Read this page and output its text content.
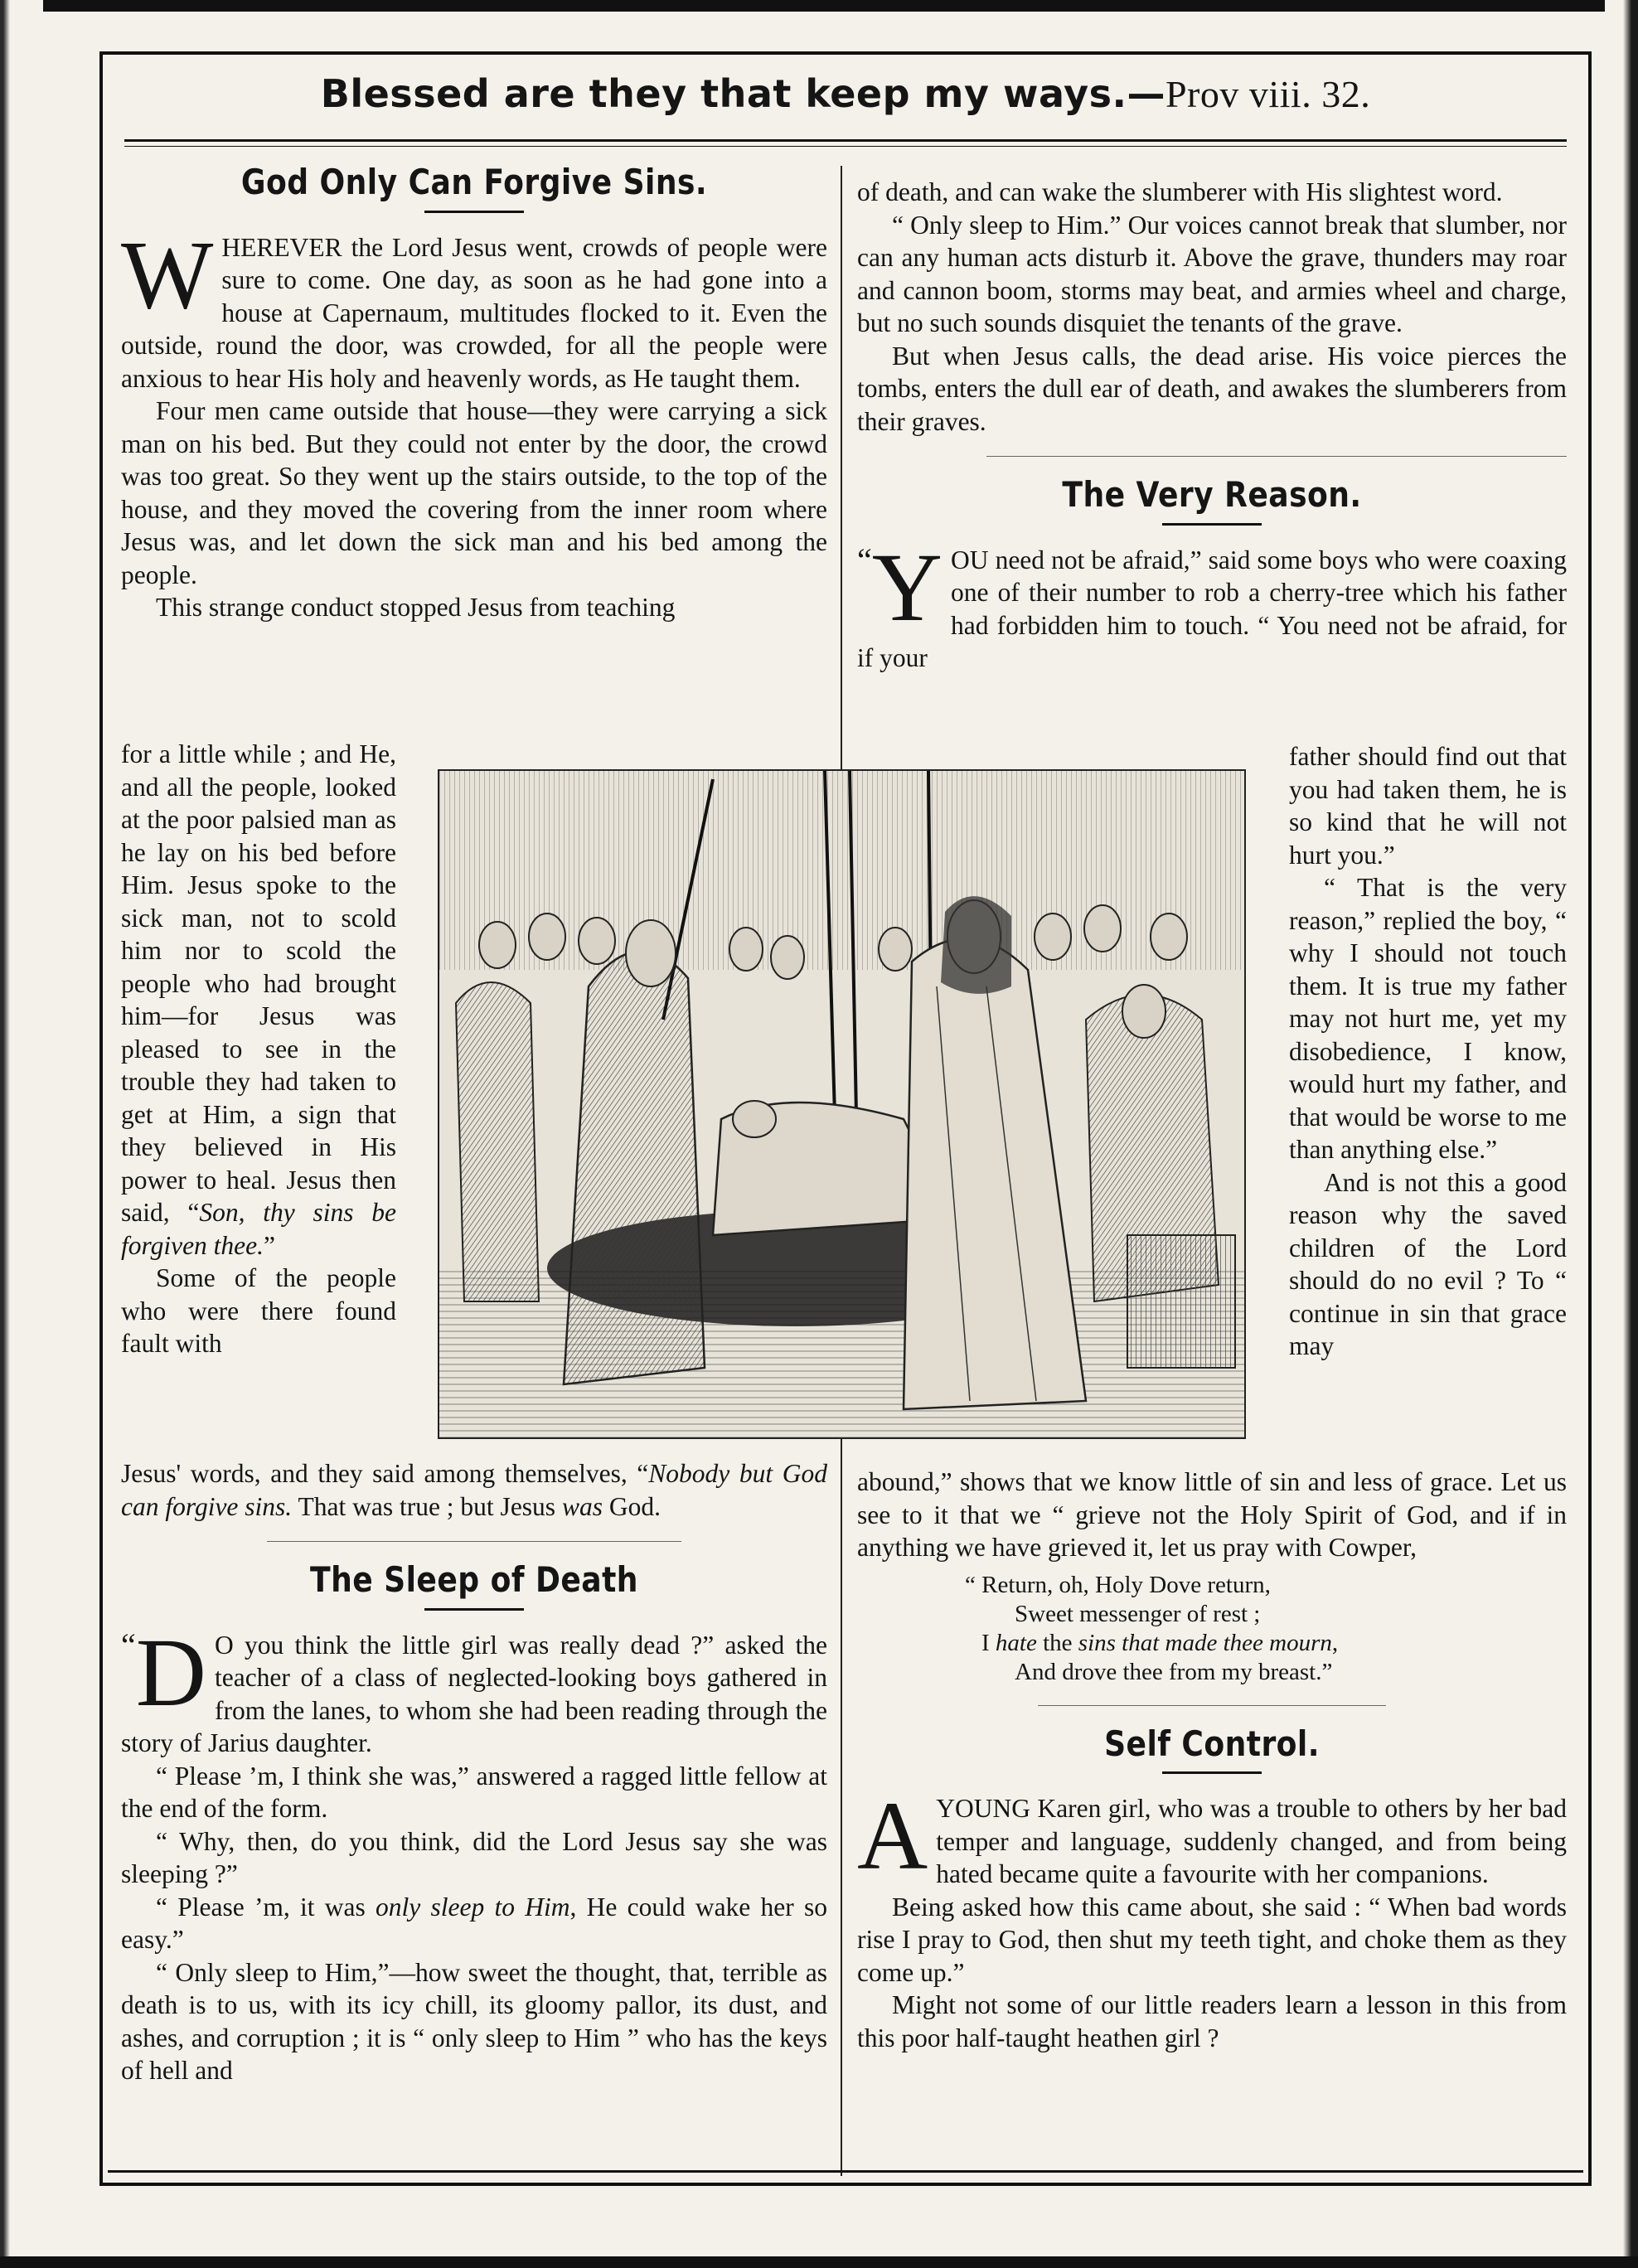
Blessed are they that keep my ways.—Prov viii. 32.
God Only Can Forgive Sins.

WHEREVER the Lord Jesus went, crowds of people were sure to come. One day, as soon as he had gone into a house at Capernaum, multitudes flocked to it. Even the outside, round the door, was crowded, for all the people were anxious to hear His holy and heavenly words, as He taught them.

Four men came outside that house—they were carrying a sick man on his bed. But they could not enter by the door, the crowd was too great. So they went up the stairs outside, to the top of the house, and they moved the covering from the inner room where Jesus was, and let down the sick man and his bed among the people.

This strange conduct stopped Jesus from teaching

for a little while ; and He, and all the people, looked at the poor palsied man as he lay on his bed before Him. Jesus spoke to the sick man, not to scold him nor to scold the people who had brought him—for Jesus was pleased to see in the trouble they had taken to get at Him, a sign that they believed in His power to heal. Jesus then said, “Son, thy sins be forgiven thee.”

Some of the people who were there found fault with

Jesus' words, and they said among themselves, “Nobody but God can forgive sins. That was true ; but Jesus was God.

The Sleep of Death

“ D O you think the little girl was really dead ?” asked the teacher of a class of neglected-looking boys gathered in from the lanes, to whom she had been reading through the story of Jarius daughter.

“ Please ’m, I think she was,” answered a ragged little fellow at the end of the form.

“ Why, then, do you think, did the Lord Jesus say she was sleeping ?”

“ Please ’m, it was only sleep to Him, He could wake her so easy.”

“ Only sleep to Him,”—how sweet the thought, that, terrible as death is to us, with its icy chill, its gloomy pallor, its dust, and ashes, and corruption ; it is “ only sleep to Him ” who has the keys of hell and

of death, and can wake the slumberer with His slightest word.

“ Only sleep to Him.” Our voices cannot break that slumber, nor can any human acts disturb it. Above the grave, thunders may roar and cannon boom, storms may beat, and armies wheel and charge, but no such sounds disquiet the tenants of the grave.

But when Jesus calls, the dead arise. His voice pierces the tombs, enters the dull ear of death, and awakes the slumberers from their graves.

The Very Reason.

“ Y OU need not be afraid,” said some boys who were coaxing one of their number to rob a cherry-tree which his father had forbidden him to touch. “ You need not be afraid, for if your

father should find out that you had taken them, he is so kind that he will not hurt you.”

“ That is the very reason,” replied the boy, “ why I should not touch them. It is true my father may not hurt me, yet my disobedience, I know, would hurt my father, and that would be worse to me than anything else.”

And is not this a good reason why the saved children of the Lord should do no evil ? To “ continue in sin that grace may

abound,” shows that we know little of sin and less of grace. Let us see to it that we “ grieve not the Holy Spirit of God, and if in anything we have grieved it, let us pray with Cowper,

“ Return, oh, Holy Dove return,
Sweet messenger of rest ;
I hate the sins that made thee mourn,
And drove thee from my breast.”
Self Control.

AYOUNG Karen girl, who was a trouble to others by her bad temper and language, suddenly changed, and from being hated became quite a favourite with her companions.

Being asked how this came about, she said : “ When bad words rise I pray to God, then shut my teeth tight, and choke them as they come up.”

Might not some of our little readers learn a lesson in this from this poor half-taught heathen girl ?
